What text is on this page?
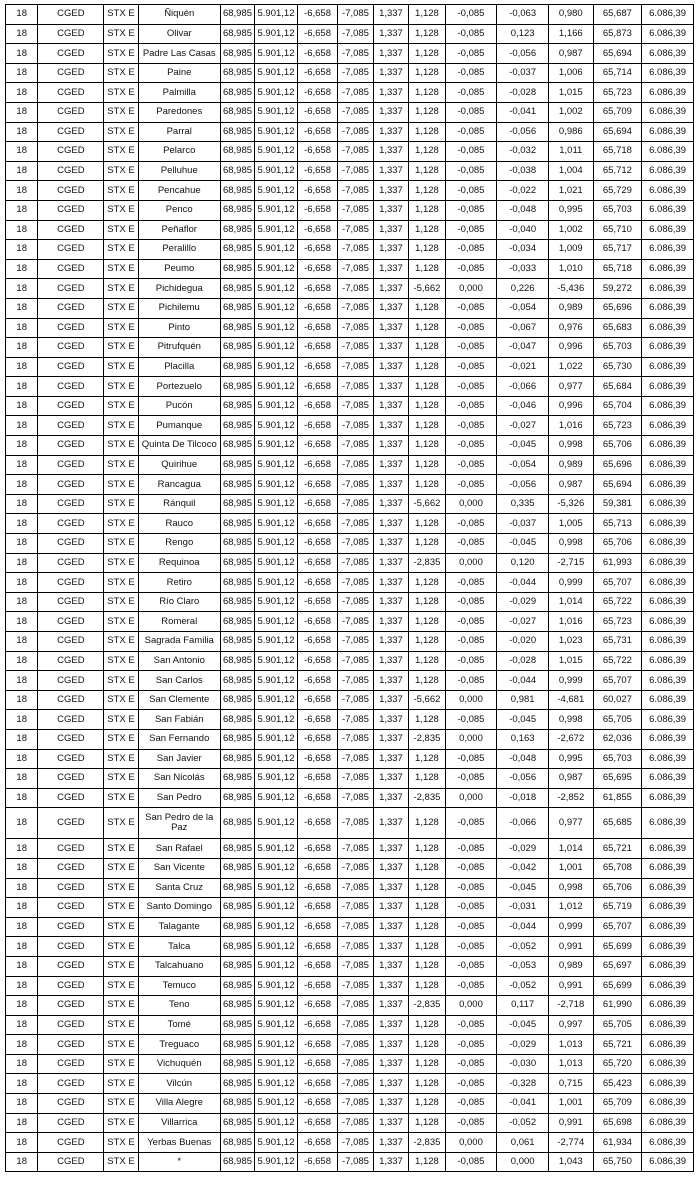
18	CGED	STX E	Ñiquén	68,985	5.901,12	-6,658	-7,085	1,337	1,128	-0,085	-0,063	0,980	65,687	6.086,39
18	CGED	STX E	Olivar	68,985	5.901,12	-6,658	-7,085	1,337	1,128	-0,085	0,123	1,166	65,873	6.086,39
18	CGED	STX E	Padre Las Casas	68,985	5.901,12	-6,658	-7,085	1,337	1,128	-0,085	-0,056	0,987	65,694	6.086,39
18	CGED	STX E	Paine	68,985	5.901,12	-6,658	-7,085	1,337	1,128	-0,085	-0,037	1,006	65,714	6.086,39
18	CGED	STX E	Palmilla	68,985	5.901,12	-6,658	-7,085	1,337	1,128	-0,085	-0,028	1,015	65,723	6.086,39
18	CGED	STX E	Paredones	68,985	5.901,12	-6,658	-7,085	1,337	1,128	-0,085	-0,041	1,002	65,709	6.086,39
18	CGED	STX E	Parral	68,985	5.901,12	-6,658	-7,085	1,337	1,128	-0,085	-0,056	0,986	65,694	6.086,39
18	CGED	STX E	Pelarco	68,985	5.901,12	-6,658	-7,085	1,337	1,128	-0,085	-0,032	1,011	65,718	6.086,39
18	CGED	STX E	Pelluhue	68,985	5.901,12	-6,658	-7,085	1,337	1,128	-0,085	-0,038	1,004	65,712	6.086,39
18	CGED	STX E	Pencahue	68,985	5.901,12	-6,658	-7,085	1,337	1,128	-0,085	-0,022	1,021	65,729	6.086,39
18	CGED	STX E	Penco	68,985	5.901,12	-6,658	-7,085	1,337	1,128	-0,085	-0,048	0,995	65,703	6.086,39
18	CGED	STX E	Peñaflor	68,985	5.901,12	-6,658	-7,085	1,337	1,128	-0,085	-0,040	1,002	65,710	6.086,39
18	CGED	STX E	Peralillo	68,985	5.901,12	-6,658	-7,085	1,337	1,128	-0,085	-0,034	1,009	65,717	6.086,39
18	CGED	STX E	Peumo	68,985	5.901,12	-6,658	-7,085	1,337	1,128	-0,085	-0,033	1,010	65,718	6.086,39
18	CGED	STX E	Pichidegua	68,985	5.901,12	-6,658	-7,085	1,337	-5,662	0,000	0,226	-5,436	59,272	6.086,39
18	CGED	STX E	Pichilemu	68,985	5.901,12	-6,658	-7,085	1,337	1,128	-0,085	-0,054	0,989	65,696	6.086,39
18	CGED	STX E	Pinto	68,985	5.901,12	-6,658	-7,085	1,337	1,128	-0,085	-0,067	0,976	65,683	6.086,39
18	CGED	STX E	Pitrufquén	68,985	5.901,12	-6,658	-7,085	1,337	1,128	-0,085	-0,047	0,996	65,703	6.086,39
18	CGED	STX E	Placilla	68,985	5.901,12	-6,658	-7,085	1,337	1,128	-0,085	-0,021	1,022	65,730	6.086,39
18	CGED	STX E	Portezuelo	68,985	5.901,12	-6,658	-7,085	1,337	1,128	-0,085	-0,066	0,977	65,684	6.086,39
18	CGED	STX E	Pucón	68,985	5.901,12	-6,658	-7,085	1,337	1,128	-0,085	-0,046	0,996	65,704	6.086,39
18	CGED	STX E	Pumanque	68,985	5.901,12	-6,658	-7,085	1,337	1,128	-0,085	-0,027	1,016	65,723	6.086,39
18	CGED	STX E	Quinta De Tilcoco	68,985	5.901,12	-6,658	-7,085	1,337	1,128	-0,085	-0,045	0,998	65,706	6.086,39
18	CGED	STX E	Quirihue	68,985	5.901,12	-6,658	-7,085	1,337	1,128	-0,085	-0,054	0,989	65,696	6.086,39
18	CGED	STX E	Rancagua	68,985	5.901,12	-6,658	-7,085	1,337	1,128	-0,085	-0,056	0,987	65,694	6.086,39
18	CGED	STX E	Ránquil	68,985	5.901,12	-6,658	-7,085	1,337	-5,662	0,000	0,335	-5,326	59,381	6.086,39
18	CGED	STX E	Rauco	68,985	5.901,12	-6,658	-7,085	1,337	1,128	-0,085	-0,037	1,005	65,713	6.086,39
18	CGED	STX E	Rengo	68,985	5.901,12	-6,658	-7,085	1,337	1,128	-0,085	-0,045	0,998	65,706	6.086,39
18	CGED	STX E	Requinoa	68,985	5.901,12	-6,658	-7,085	1,337	-2,835	0,000	0,120	-2,715	61,993	6.086,39
18	CGED	STX E	Retiro	68,985	5.901,12	-6,658	-7,085	1,337	1,128	-0,085	-0,044	0,999	65,707	6.086,39
18	CGED	STX E	Río Claro	68,985	5.901,12	-6,658	-7,085	1,337	1,128	-0,085	-0,029	1,014	65,722	6.086,39
18	CGED	STX E	Romeral	68,985	5.901,12	-6,658	-7,085	1,337	1,128	-0,085	-0,027	1,016	65,723	6.086,39
18	CGED	STX E	Sagrada Familia	68,985	5.901,12	-6,658	-7,085	1,337	1,128	-0,085	-0,020	1,023	65,731	6.086,39
18	CGED	STX E	San Antonio	68,985	5.901,12	-6,658	-7,085	1,337	1,128	-0,085	-0,028	1,015	65,722	6.086,39
18	CGED	STX E	San Carlos	68,985	5.901,12	-6,658	-7,085	1,337	1,128	-0,085	-0,044	0,999	65,707	6.086,39
18	CGED	STX E	San Clemente	68,985	5.901,12	-6,658	-7,085	1,337	-5,662	0,000	0,981	-4,681	60,027	6.086,39
18	CGED	STX E	San Fabián	68,985	5.901,12	-6,658	-7,085	1,337	1,128	-0,085	-0,045	0,998	65,705	6.086,39
18	CGED	STX E	San Fernando	68,985	5.901,12	-6,658	-7,085	1,337	-2,835	0,000	0,163	-2,672	62,036	6.086,39
18	CGED	STX E	San Javier	68,985	5.901,12	-6,658	-7,085	1,337	1,128	-0,085	-0,048	0,995	65,703	6.086,39
18	CGED	STX E	San Nicolás	68,985	5.901,12	-6,658	-7,085	1,337	1,128	-0,085	-0,056	0,987	65,695	6.086,39
18	CGED	STX E	San Pedro	68,985	5.901,12	-6,658	-7,085	1,337	-2,835	0,000	-0,018	-2,852	61,855	6.086,39
18	CGED	STX E	San Pedro de la Paz	68,985	5.901,12	-6,658	-7,085	1,337	1,128	-0,085	-0,066	0,977	65,685	6.086,39
18	CGED	STX E	San Rafael	68,985	5.901,12	-6,658	-7,085	1,337	1,128	-0,085	-0,029	1,014	65,721	6.086,39
18	CGED	STX E	San Vicente	68,985	5.901,12	-6,658	-7,085	1,337	1,128	-0,085	-0,042	1,001	65,708	6.086,39
18	CGED	STX E	Santa Cruz	68,985	5.901,12	-6,658	-7,085	1,337	1,128	-0,085	-0,045	0,998	65,706	6.086,39
18	CGED	STX E	Santo Domingo	68,985	5.901,12	-6,658	-7,085	1,337	1,128	-0,085	-0,031	1,012	65,719	6.086,39
18	CGED	STX E	Talagante	68,985	5.901,12	-6,658	-7,085	1,337	1,128	-0,085	-0,044	0,999	65,707	6.086,39
18	CGED	STX E	Talca	68,985	5.901,12	-6,658	-7,085	1,337	1,128	-0,085	-0,052	0,991	65,699	6.086,39
18	CGED	STX E	Talcahuano	68,985	5.901,12	-6,658	-7,085	1,337	1,128	-0,085	-0,053	0,989	65,697	6.086,39
18	CGED	STX E	Temuco	68,985	5.901,12	-6,658	-7,085	1,337	1,128	-0,085	-0,052	0,991	65,699	6.086,39
18	CGED	STX E	Teno	68,985	5.901,12	-6,658	-7,085	1,337	-2,835	0,000	0,117	-2,718	61,990	6.086,39
18	CGED	STX E	Tomé	68,985	5.901,12	-6,658	-7,085	1,337	1,128	-0,085	-0,045	0,997	65,705	6.086,39
18	CGED	STX E	Treguaco	68,985	5.901,12	-6,658	-7,085	1,337	1,128	-0,085	-0,029	1,013	65,721	6.086,39
18	CGED	STX E	Vichuquén	68,985	5.901,12	-6,658	-7,085	1,337	1,128	-0,085	-0,030	1,013	65,720	6.086,39
18	CGED	STX E	Vilcún	68,985	5.901,12	-6,658	-7,085	1,337	1,128	-0,085	-0,328	0,715	65,423	6.086,39
18	CGED	STX E	Villa Alegre	68,985	5.901,12	-6,658	-7,085	1,337	1,128	-0,085	-0,041	1,001	65,709	6.086,39
18	CGED	STX E	Villarrica	68,985	5.901,12	-6,658	-7,085	1,337	1,128	-0,085	-0,052	0,991	65,698	6.086,39
18	CGED	STX E	Yerbas Buenas	68,985	5.901,12	-6,658	-7,085	1,337	-2,835	0,000	0,061	-2,774	61,934	6.086,39
18	CGED	STX E	*	68,985	5.901,12	-6,658	-7,085	1,337	1,128	-0,085	0,000	1,043	65,750	6.086,39
